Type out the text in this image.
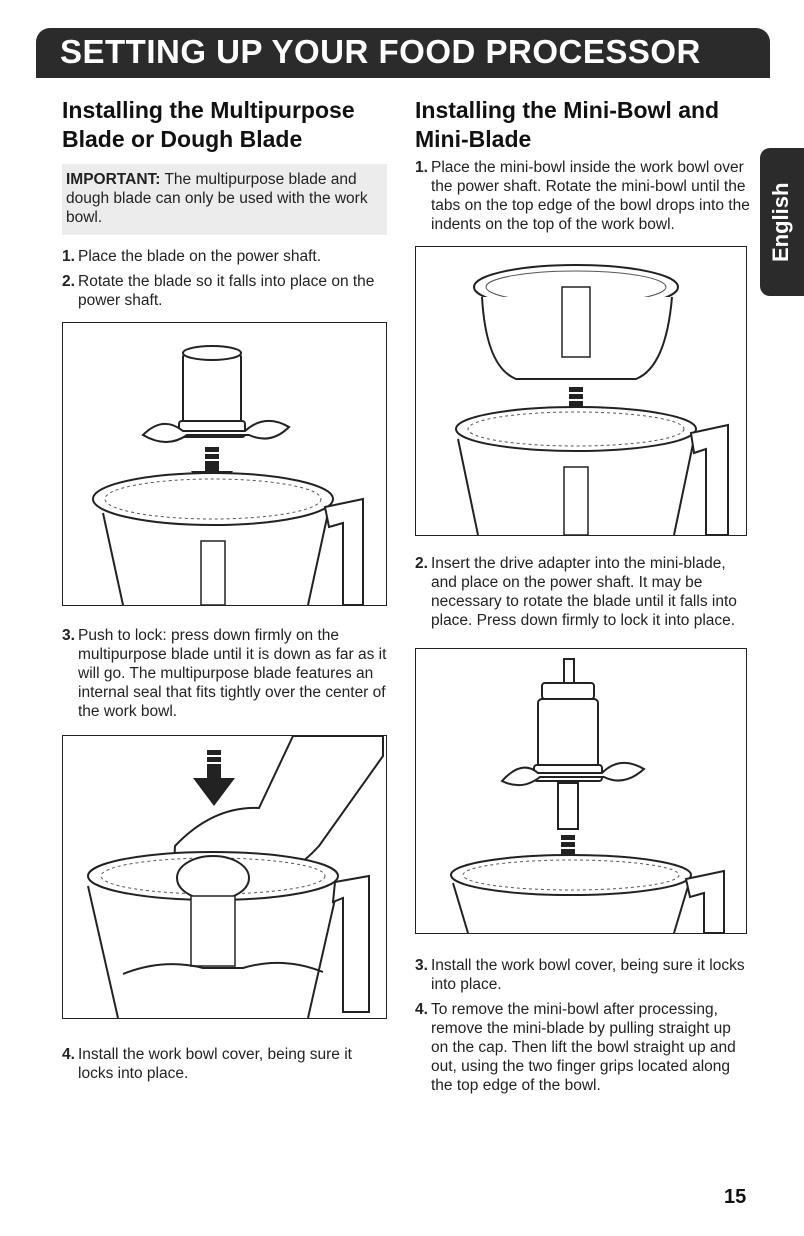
SETTING UP YOUR FOOD PROCESSOR
English
Installing the Multipurpose Blade or Dough Blade
IMPORTANT: The multipurpose blade and dough blade can only be used with the work bowl.
1. Place the blade on the power shaft.
2. Rotate the blade so it falls into place on the power shaft.
3. Push to lock: press down firmly on the multipurpose blade until it is down as far as it will go. The multipurpose blade features an internal seal that fits tightly over the center of the work bowl.
4. Install the work bowl cover, being sure it locks into place.
Installing the Mini-Bowl and Mini-Blade
1. Place the mini-bowl inside the work bowl over the power shaft. Rotate the mini-bowl until the tabs on the top edge of the bowl drops into the indents on the top of the work bowl.
2. Insert the drive adapter into the mini-blade, and place on the power shaft. It may be necessary to rotate the blade until it falls into place. Press down firmly to lock it into place.
3. Install the work bowl cover, being sure it locks into place.
4. To remove the mini-bowl after processing, remove the mini-blade by pulling straight up on the cap. Then lift the bowl straight up and out, using the two finger grips located along the top edge of the bowl.
15
